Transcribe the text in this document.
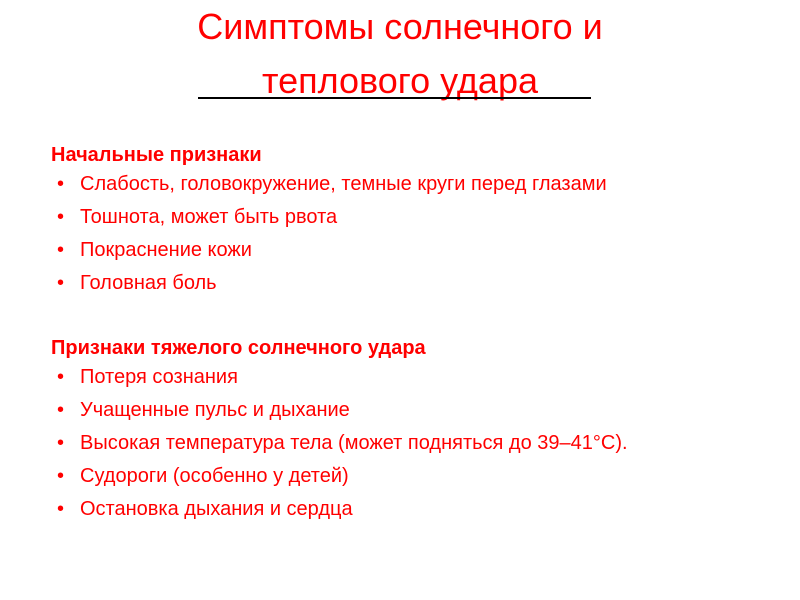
Симптомы солнечного и
теплового удара

Начальные признаки

• Слабость, головокружение, темные круги перед глазами
• Тошнота, может быть рвота
• Покраснение кожи
• Головная боль

Признаки тяжелого солнечного удара

• Потеря сознания
• Учащенные пульс и дыхание
• Высокая температура тела (может подняться до 39–41°C).
• Судороги (особенно у детей)
• Остановка дыхания и сердца
